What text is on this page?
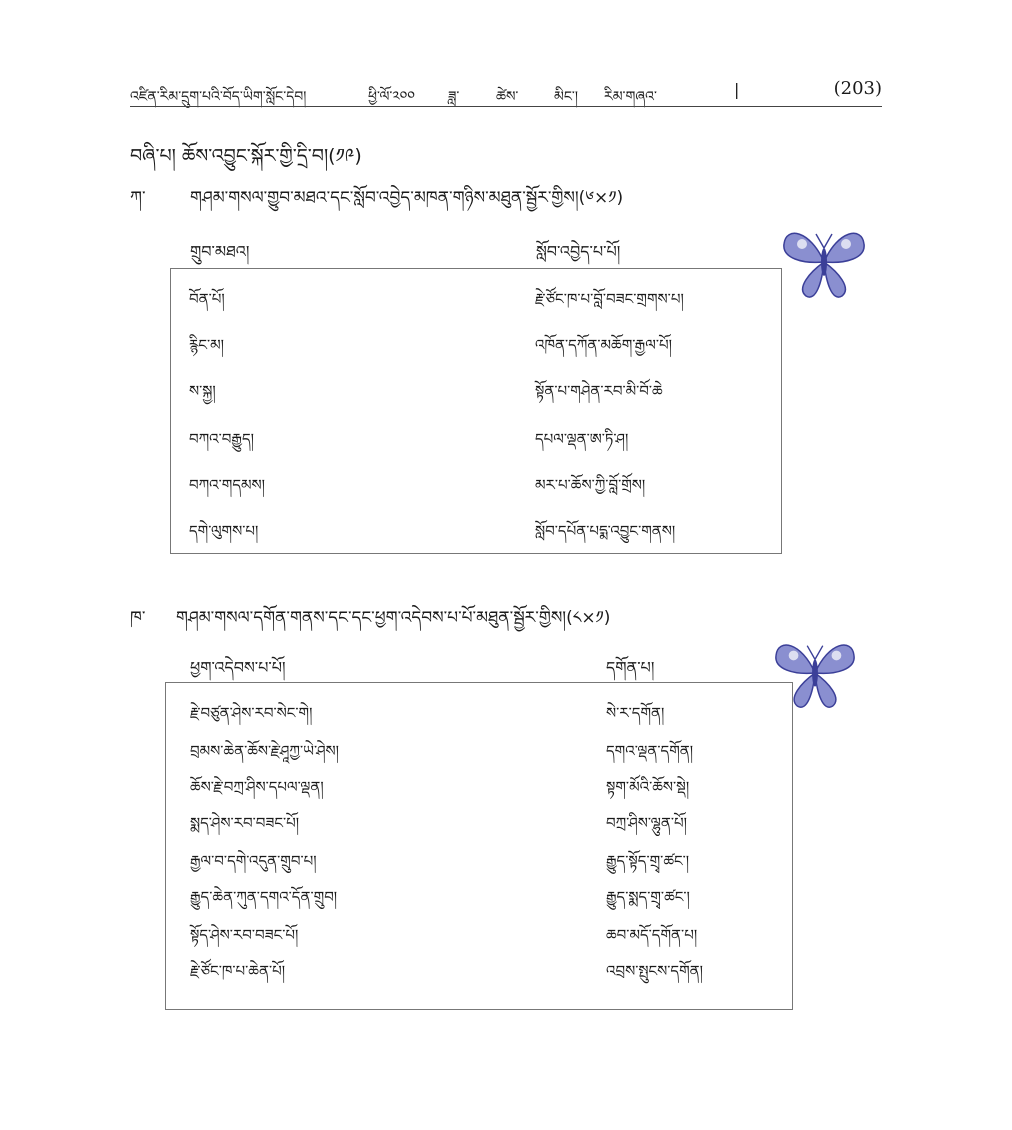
འཛིན་རིམ་དྲུག་པའི་བོད་ཡིག་སློང་དེབ།	ཕྱི་ལོ་༢༠༠ ཟླ་	ཚེས་	མིང་། རིམ་གཞའ་	|	(203)
བཞི་པ། ཆོས་འབྱུང་སྐོར་གྱི་དྲི་བ།(༡༩)
ཀ་	གཤམ་གསལ་གྱུབ་མཐའ་དང་སློབ་འབྱེད་མཁན་གཉིས་མཐུན་སྦྱོར་གྱིས།(༦×༡)
གྲུབ་མཐའ།	སློབ་འབྱེད་པ་པོ།
བོན་པོ།	རྗེ་ཙོང་ཁ་པ་བློ་བཟང་གྲགས་པ།
རྙིང་མ།	འཁོན་དཀོན་མཆོག་རྒྱལ་པོ།
ས་སྐྱ།	སྟོན་པ་གཤེན་རབ་མི་བོ་ཆེ
བཀའ་བརྒྱུད།	དཔལ་ལྡན་ཨ་ཏི་ཤ།
བཀའ་གདམས།	མར་པ་ཆོས་ཀྱི་བློ་གྲོས།
དགེ་ལུགས་པ།	སློབ་དཔོན་པདྨ་འབྱུང་གནས།
ཁ་ གཤམ་གསལ་དགོན་གནས་དང་དང་ཕྱག་འདེབས་པ་པོ་མཐུན་སྦྱོར་གྱིས།(༨×༡)
ཕྱག་འདེབས་པ་པོ།	དགོན་པ།
རྗེ་བཙུན་ཤེས་རབ་སེང་གེ།	སེ་ར་དགོན།
བྲམས་ཆེན་ཆོས་རྗེ་ཤཱཀྱ་ཡེ་ཤེས།	དགའ་ལྡན་དགོན།
ཆོས་རྗེ་བཀྲ་ཤིས་དཔལ་ལྡན།	སྟག་མོའི་ཆོས་སྡེ།
སྨད་ཤེས་རབ་བཟང་པོ།	བཀྲ་ཤིས་ལྷུན་པོ།
རྒྱལ་བ་དགེ་འདུན་གྲུབ་པ།	རྒྱུད་སྟོད་གྲྭ་ཚང་།
རྒྱུད་ཆེན་ཀུན་དགའ་དོན་གྲུབ།	རྒྱུད་སྨད་གྲྭ་ཚང་།
སྟོད་ཤེས་རབ་བཟང་པོ།	ཆབ་མདོ་དགོན་པ།
རྗེ་ཙོང་ཁ་པ་ཆེན་པོ།	འབྲས་སྤུངས་དགོན།
